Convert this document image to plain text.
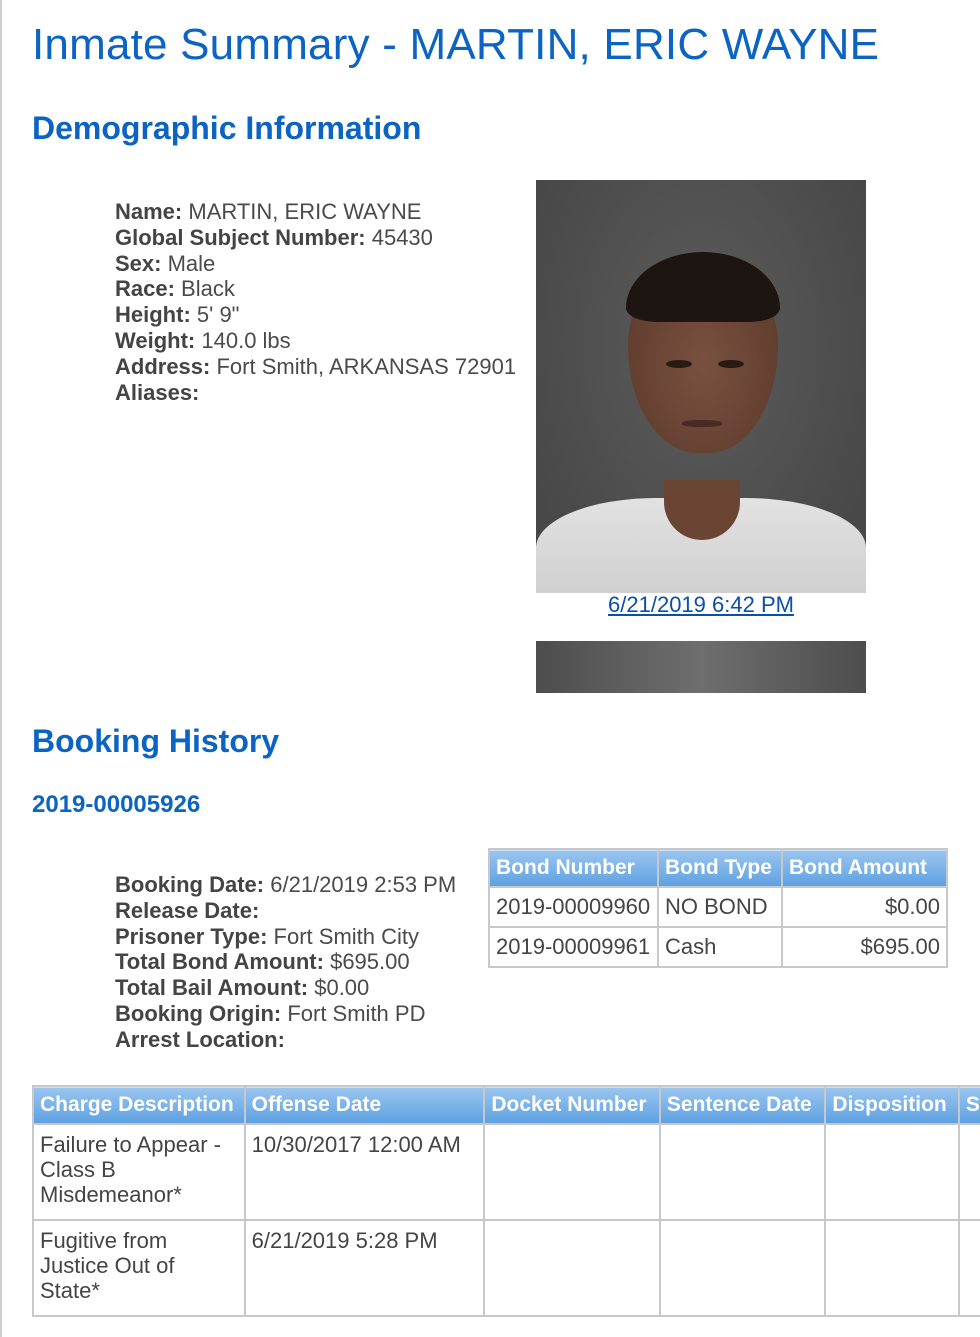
Inmate Summary - MARTIN, ERIC WAYNE
Demographic Information
Name: MARTIN, ERIC WAYNE
Global Subject Number: 45430
Sex: Male
Race: Black
Height: 5' 9"
Weight: 140.0 lbs
Address: Fort Smith, ARKANSAS 72901
Aliases:
6/21/2019 6:42 PM
Booking History
2019-00005926
Booking Date: 6/21/2019 2:53 PM
Release Date:
Prisoner Type: Fort Smith City
Total Bond Amount: $695.00
Total Bail Amount: $0.00
Booking Origin: Fort Smith PD
Arrest Location:
Bond Number	Bond Type	Bond Amount
2019-00009960	NO BOND	$0.00
2019-00009961	Cash	$695.00
Charge Description	Offense Date	Docket Number	Sentence Date	Disposition	S
Failure to Appear - Class B Misdemeanor*	10/30/2017 12:00 AM				
Fugitive from Justice Out of State*	6/21/2019 5:28 PM				
